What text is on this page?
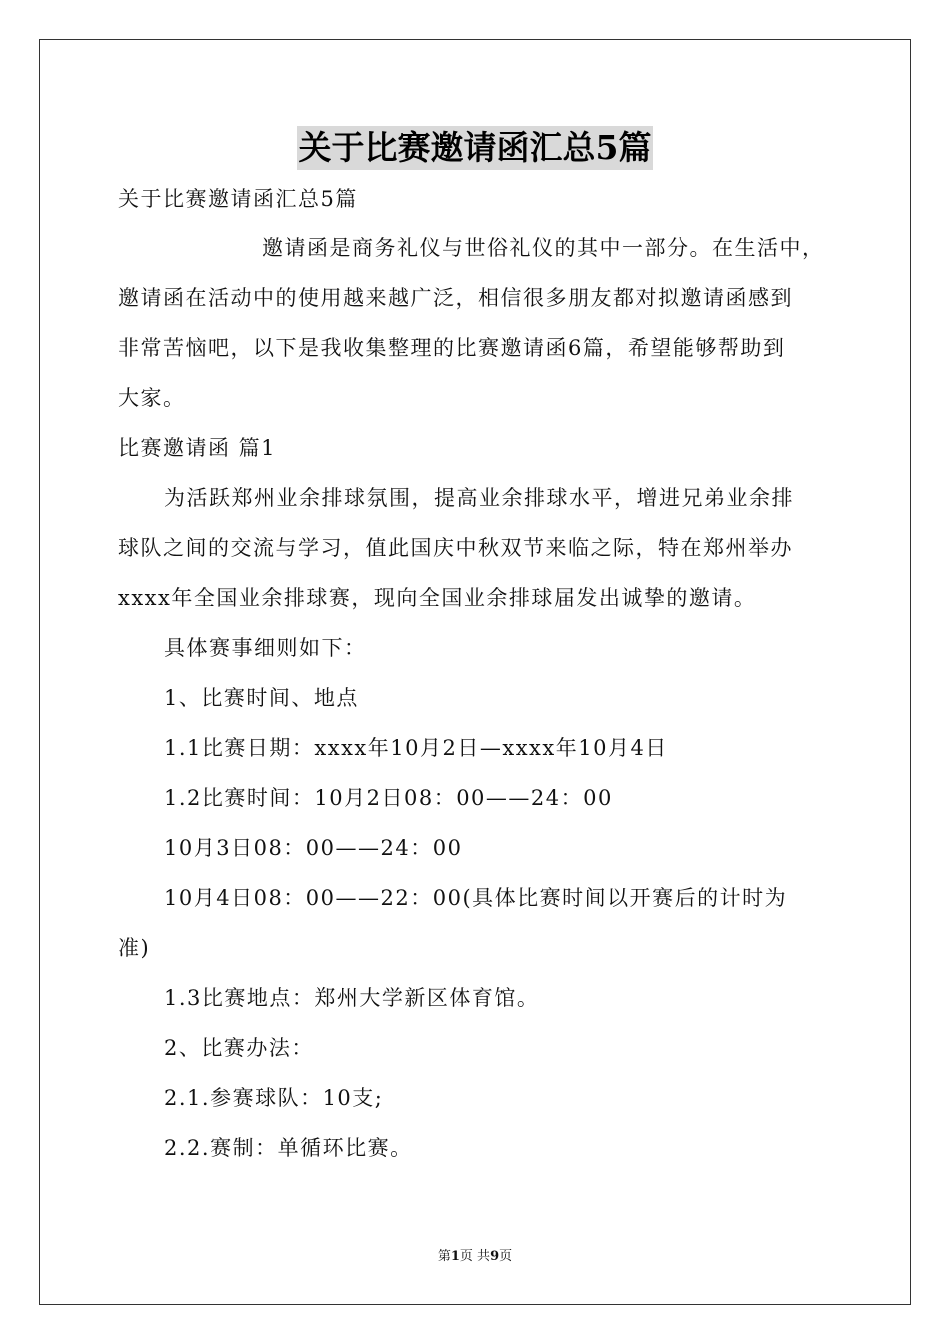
关于比赛邀请函汇总5篇
关于比赛邀请函汇总5篇
邀请函是商务礼仪与世俗礼仪的其中一部分。在生活中，
邀请函在活动中的使用越来越广泛，相信很多朋友都对拟邀请函感到
非常苦恼吧，以下是我收集整理的比赛邀请函6篇，希望能够帮助到
大家。
比赛邀请函 篇1
为活跃郑州业余排球氛围，提高业余排球水平，增进兄弟业余排
球队之间的交流与学习，值此国庆中秋双节来临之际，特在郑州举办
xxxx年全国业余排球赛，现向全国业余排球届发出诚挚的邀请。
具体赛事细则如下：
1、比赛时间、地点
1.1比赛日期：xxxx年10月2日—xxxx年10月4日
1.2比赛时间：10月2日08：00——24：00
10月3日08：00——24：00
10月4日08：00——22：00(具体比赛时间以开赛后的计时为
准)
1.3比赛地点：郑州大学新区体育馆。
2、比赛办法：
2.1.参赛球队：10支;
2.2.赛制：单循环比赛。
第1页 共9页
